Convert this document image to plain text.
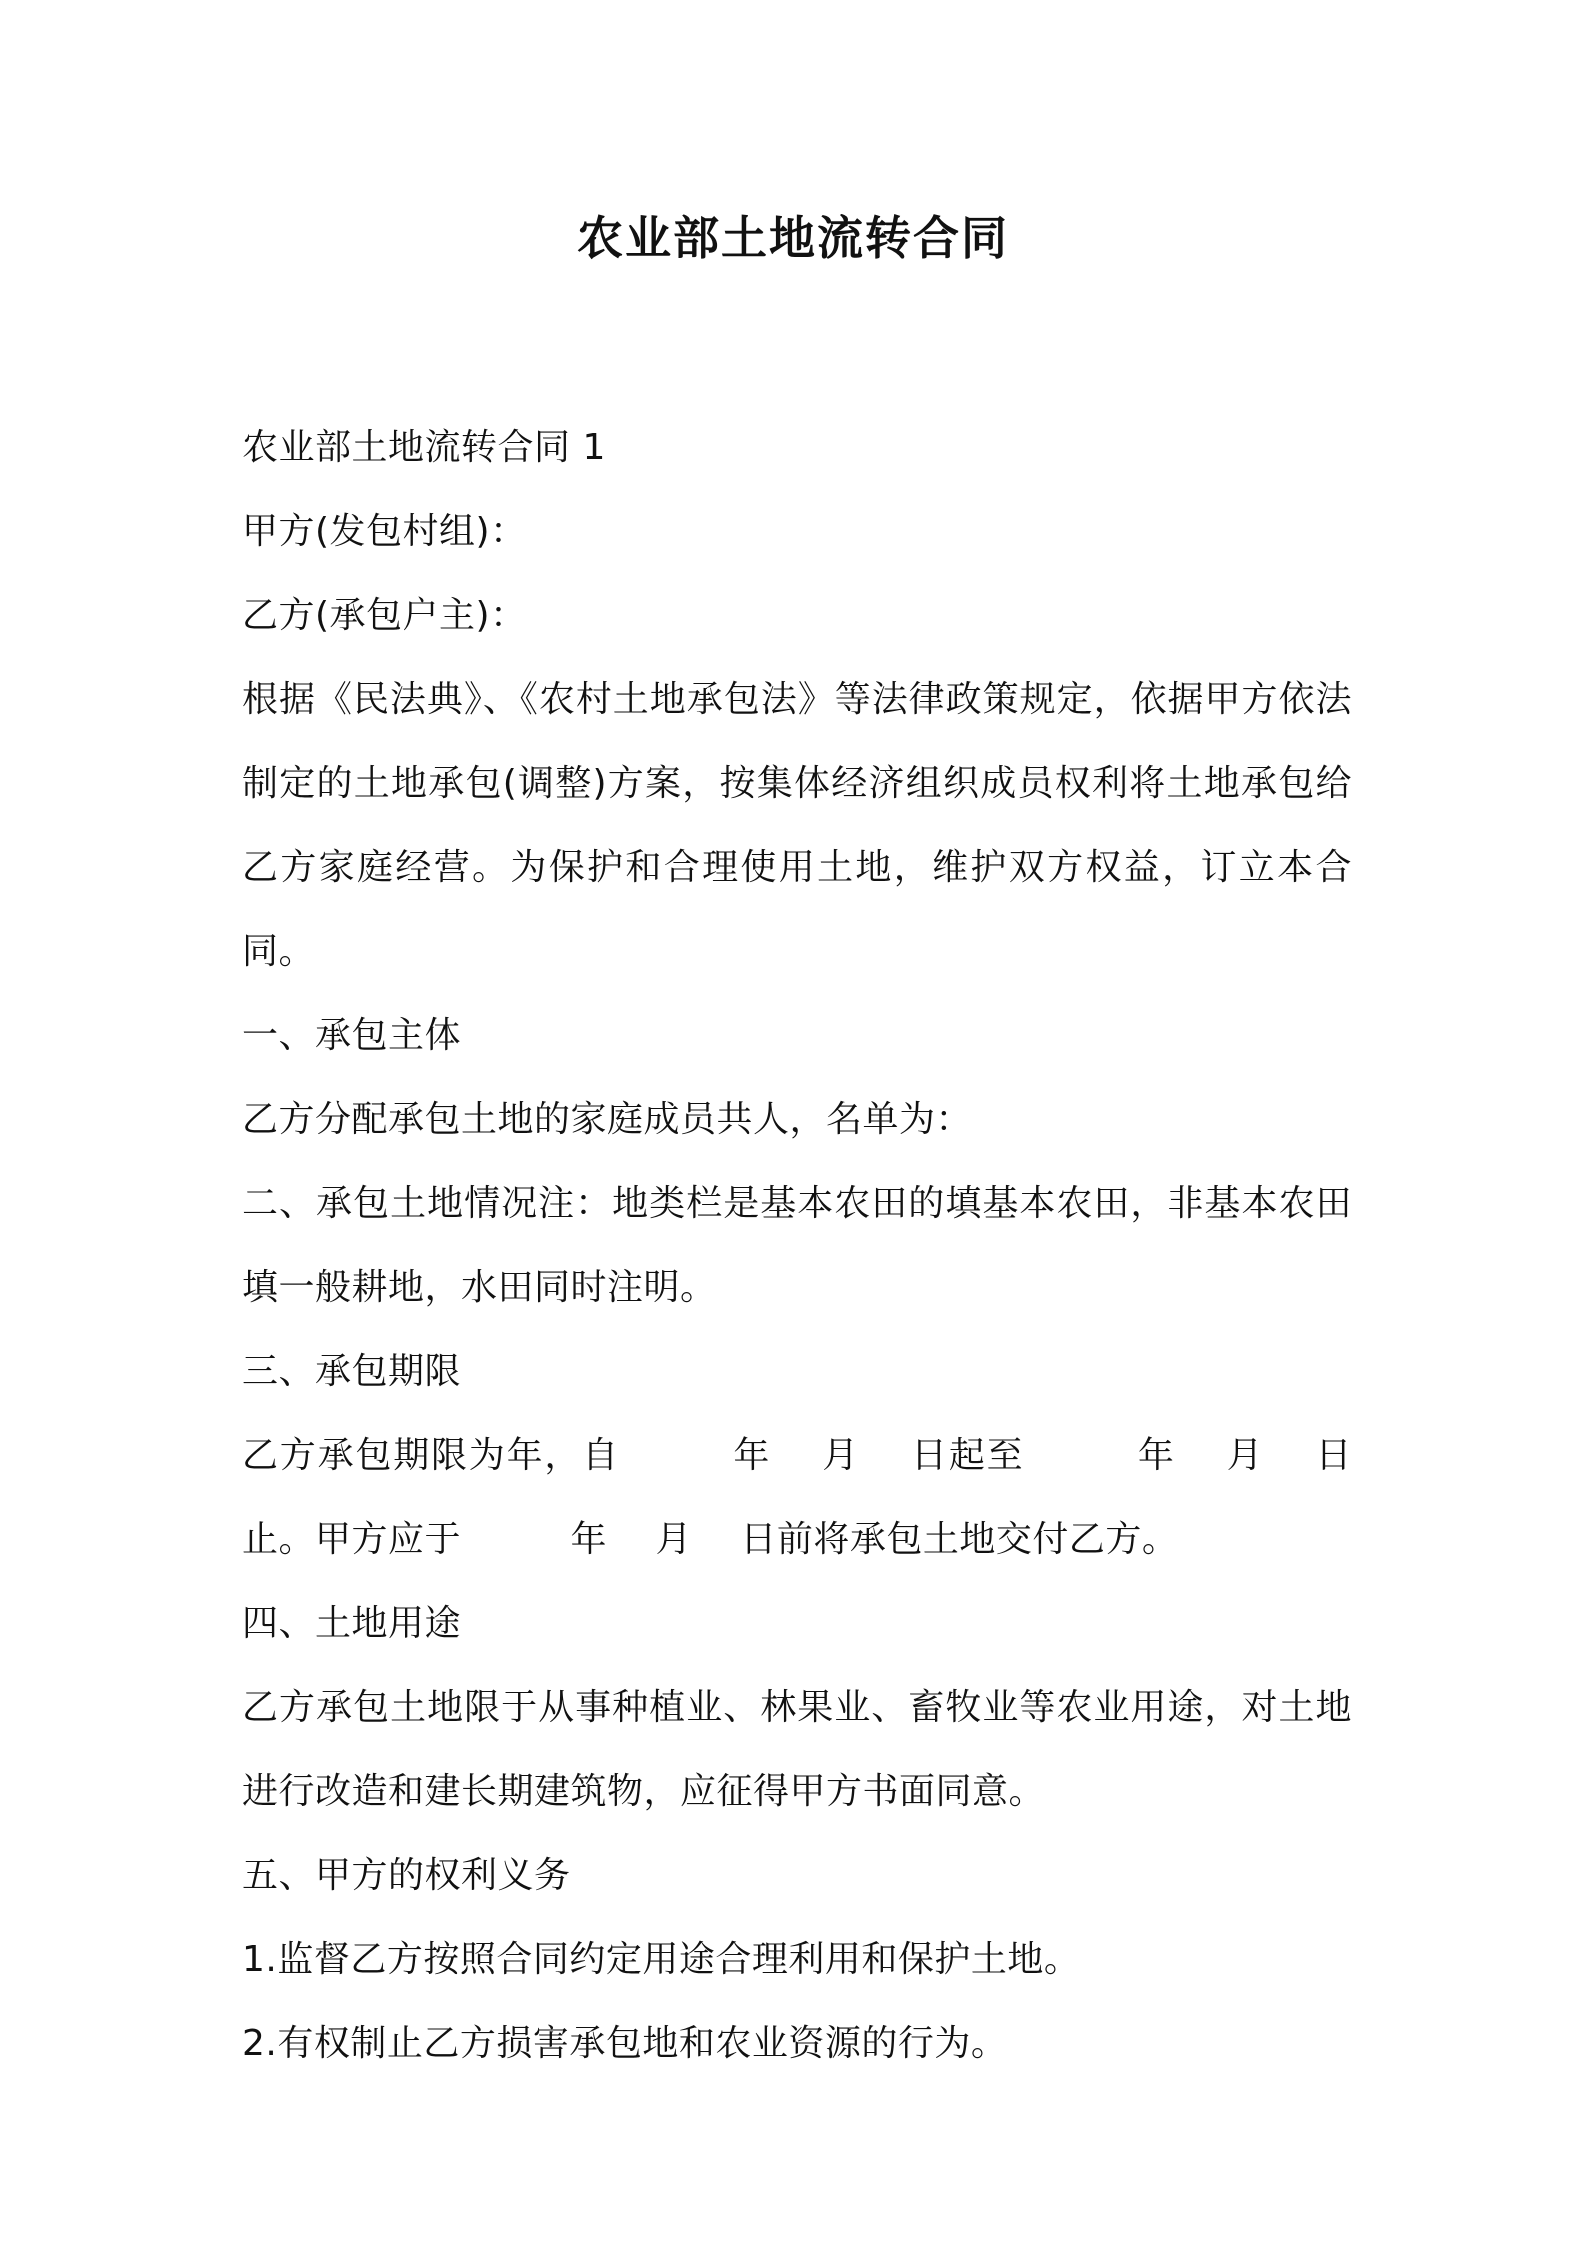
农业部土地流转合同
农业部土地流转合同 1
甲方(发包村组)：
乙方(承包户主)：
根据《民法典》、《农村土地承包法》等法律政策规定，依据甲方依法制定的土地承包(调整)方案，按集体经济组织成员权利将土地承包给乙方家庭经营。为保护和合理使用土地，维护双方权益，订立本合同。
一、承包主体
乙方分配承包土地的家庭成员共人，名单为：
二、承包土地情况注：地类栏是基本农田的填基本农田，非基本农田填一般耕地，水田同时注明。
三、承包期限
乙方承包期限为年，自　　　年　 月　 日起至　　　年　 月　 日止。甲方应于　　　年　 月　 日前将承包土地交付乙方。
四、土地用途
乙方承包土地限于从事种植业、林果业、畜牧业等农业用途，对土地进行改造和建长期建筑物，应征得甲方书面同意。
五、甲方的权利义务
1.监督乙方按照合同约定用途合理利用和保护土地。
2.有权制止乙方损害承包地和农业资源的行为。
